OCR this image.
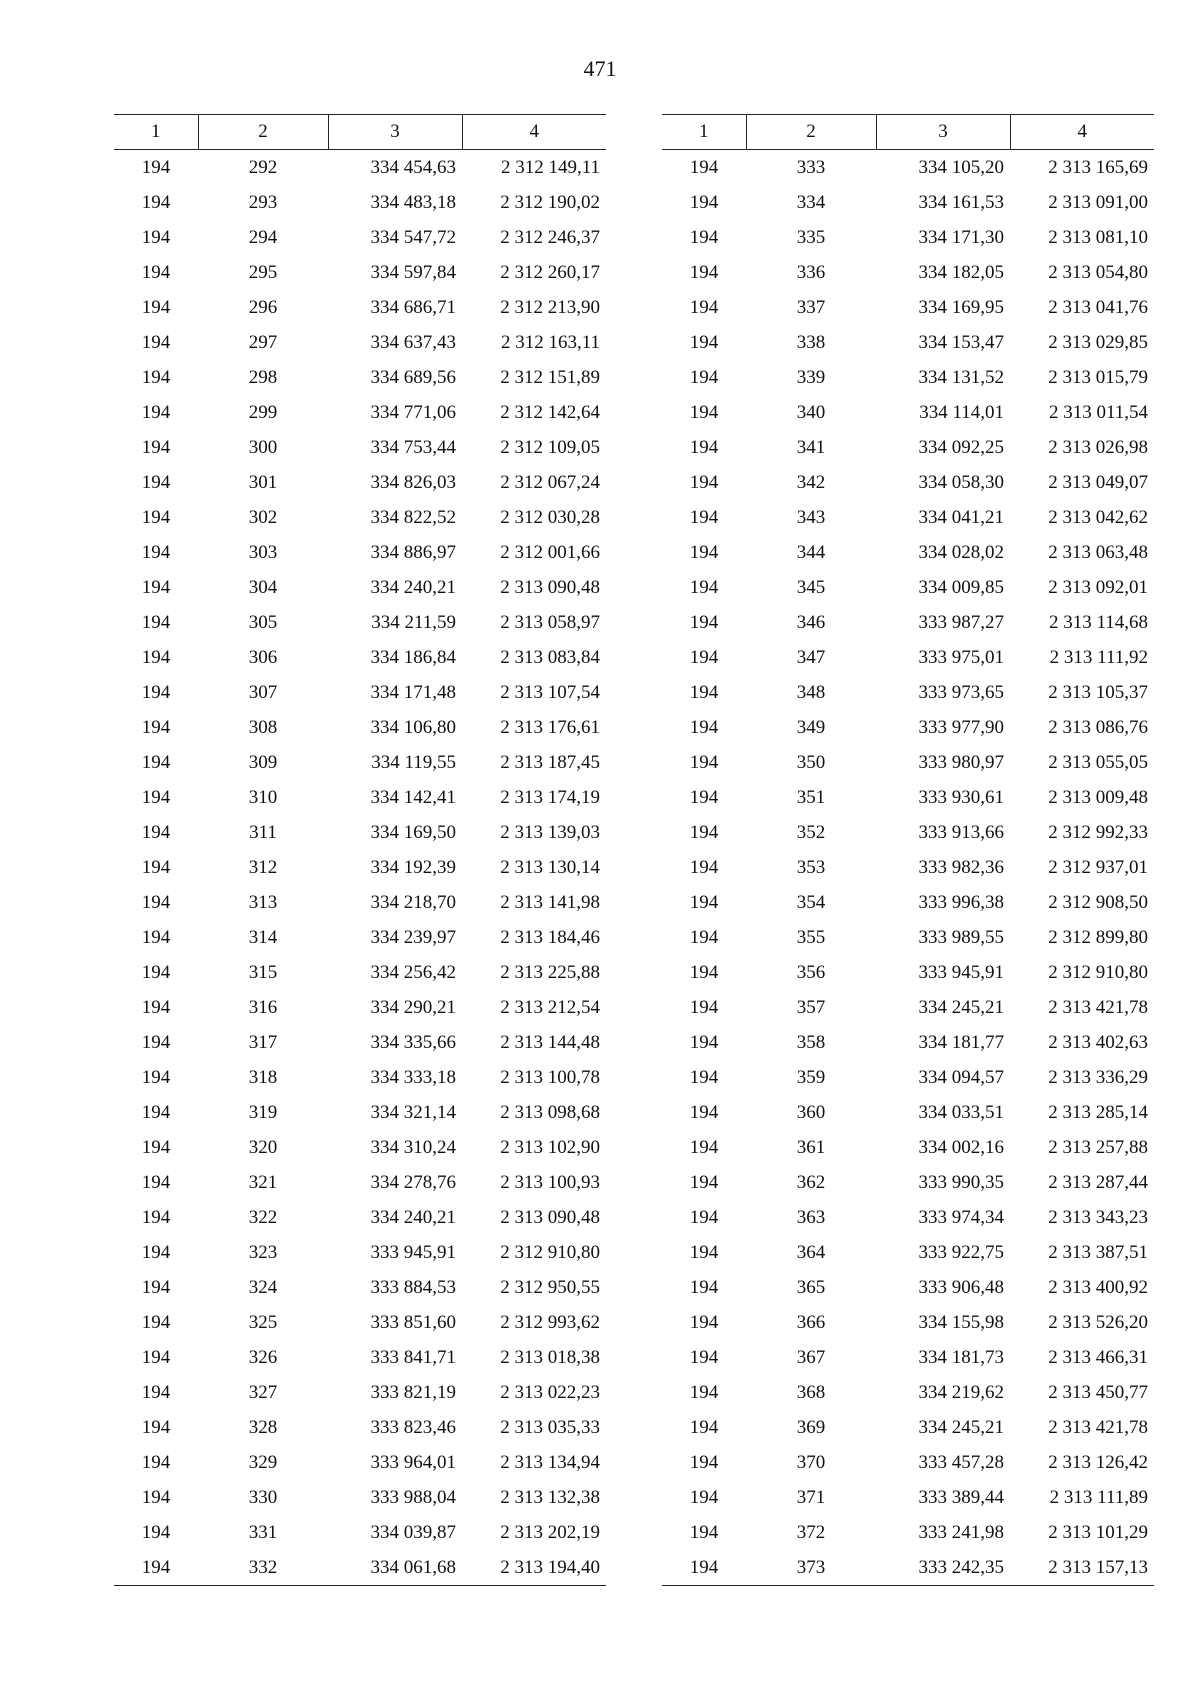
471
1	2	3	4
194	292	334 454,63	2 312 149,11
194	293	334 483,18	2 312 190,02
194	294	334 547,72	2 312 246,37
194	295	334 597,84	2 312 260,17
194	296	334 686,71	2 312 213,90
194	297	334 637,43	2 312 163,11
194	298	334 689,56	2 312 151,89
194	299	334 771,06	2 312 142,64
194	300	334 753,44	2 312 109,05
194	301	334 826,03	2 312 067,24
194	302	334 822,52	2 312 030,28
194	303	334 886,97	2 312 001,66
194	304	334 240,21	2 313 090,48
194	305	334 211,59	2 313 058,97
194	306	334 186,84	2 313 083,84
194	307	334 171,48	2 313 107,54
194	308	334 106,80	2 313 176,61
194	309	334 119,55	2 313 187,45
194	310	334 142,41	2 313 174,19
194	311	334 169,50	2 313 139,03
194	312	334 192,39	2 313 130,14
194	313	334 218,70	2 313 141,98
194	314	334 239,97	2 313 184,46
194	315	334 256,42	2 313 225,88
194	316	334 290,21	2 313 212,54
194	317	334 335,66	2 313 144,48
194	318	334 333,18	2 313 100,78
194	319	334 321,14	2 313 098,68
194	320	334 310,24	2 313 102,90
194	321	334 278,76	2 313 100,93
194	322	334 240,21	2 313 090,48
194	323	333 945,91	2 312 910,80
194	324	333 884,53	2 312 950,55
194	325	333 851,60	2 312 993,62
194	326	333 841,71	2 313 018,38
194	327	333 821,19	2 313 022,23
194	328	333 823,46	2 313 035,33
194	329	333 964,01	2 313 134,94
194	330	333 988,04	2 313 132,38
194	331	334 039,87	2 313 202,19
194	332	334 061,68	2 313 194,40
1	2	3	4
194	333	334 105,20	2 313 165,69
194	334	334 161,53	2 313 091,00
194	335	334 171,30	2 313 081,10
194	336	334 182,05	2 313 054,80
194	337	334 169,95	2 313 041,76
194	338	334 153,47	2 313 029,85
194	339	334 131,52	2 313 015,79
194	340	334 114,01	2 313 011,54
194	341	334 092,25	2 313 026,98
194	342	334 058,30	2 313 049,07
194	343	334 041,21	2 313 042,62
194	344	334 028,02	2 313 063,48
194	345	334 009,85	2 313 092,01
194	346	333 987,27	2 313 114,68
194	347	333 975,01	2 313 111,92
194	348	333 973,65	2 313 105,37
194	349	333 977,90	2 313 086,76
194	350	333 980,97	2 313 055,05
194	351	333 930,61	2 313 009,48
194	352	333 913,66	2 312 992,33
194	353	333 982,36	2 312 937,01
194	354	333 996,38	2 312 908,50
194	355	333 989,55	2 312 899,80
194	356	333 945,91	2 312 910,80
194	357	334 245,21	2 313 421,78
194	358	334 181,77	2 313 402,63
194	359	334 094,57	2 313 336,29
194	360	334 033,51	2 313 285,14
194	361	334 002,16	2 313 257,88
194	362	333 990,35	2 313 287,44
194	363	333 974,34	2 313 343,23
194	364	333 922,75	2 313 387,51
194	365	333 906,48	2 313 400,92
194	366	334 155,98	2 313 526,20
194	367	334 181,73	2 313 466,31
194	368	334 219,62	2 313 450,77
194	369	334 245,21	2 313 421,78
194	370	333 457,28	2 313 126,42
194	371	333 389,44	2 313 111,89
194	372	333 241,98	2 313 101,29
194	373	333 242,35	2 313 157,13
